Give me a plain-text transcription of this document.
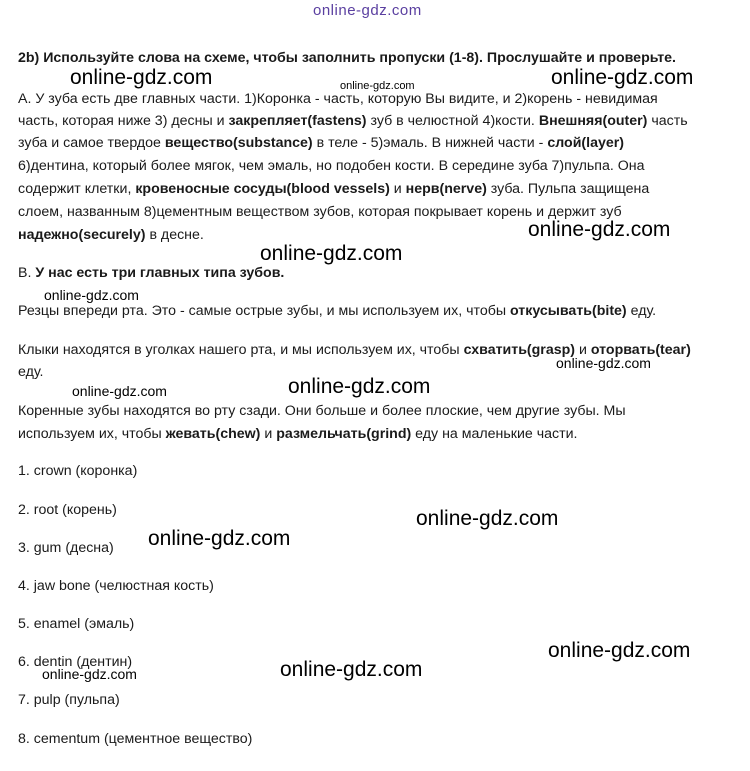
online-gdz.com
2b) Используйте слова на схеме, чтобы заполнить пропуски (1-8). Прослушайте и проверьте.
А. У зуба есть две главных части. 1)Коронка - часть, которую Вы видите, и 2)корень - невидимая
часть, которая ниже 3) десны и закрепляет(fastens) зуб в челюстной 4)кости. Внешняя(outer) часть
зуба и самое твердое вещество(substance) в теле - 5)эмаль. В нижней части - слой(layer)
6)дентина, который более мягок, чем эмаль, но подобен кости. В середине зуба 7)пульпа. Она
содержит клетки, кровеносные сосуды(blood vessels) и нерв(nerve) зуба. Пульпа защищена
слоем, названным 8)цементным веществом зубов, которая покрывает корень и держит зуб
надежно(securely) в десне.
В. У нас есть три главных типа зубов.
Резцы впереди рта. Это - самые острые зубы, и мы используем их, чтобы откусывать(bite) еду.
Клыки находятся в уголках нашего рта, и мы используем их, чтобы схватить(grasp) и оторвать(tear)
еду.
Коренные зубы находятся во рту сзади. Они больше и более плоские, чем другие зубы. Мы
используем их, чтобы жевать(chew) и размельчать(grind) еду на маленькие части.
1. crown (коронка)
2. root (корень)
3. gum (десна)
4. jaw bone (челюстная кость)
5. enamel (эмаль)
6. dentin (дентин)
7. pulp (пульпа)
8. cementum (цементное вещество)
online-gdz.com	online-gdz.com	online-gdz.com
online-gdz.com
online-gdz.com
online-gdz.com
online-gdz.com
online-gdz.com	online-gdz.com
online-gdz.com
online-gdz.com
online-gdz.com
online-gdz.com
online-gdz.com
